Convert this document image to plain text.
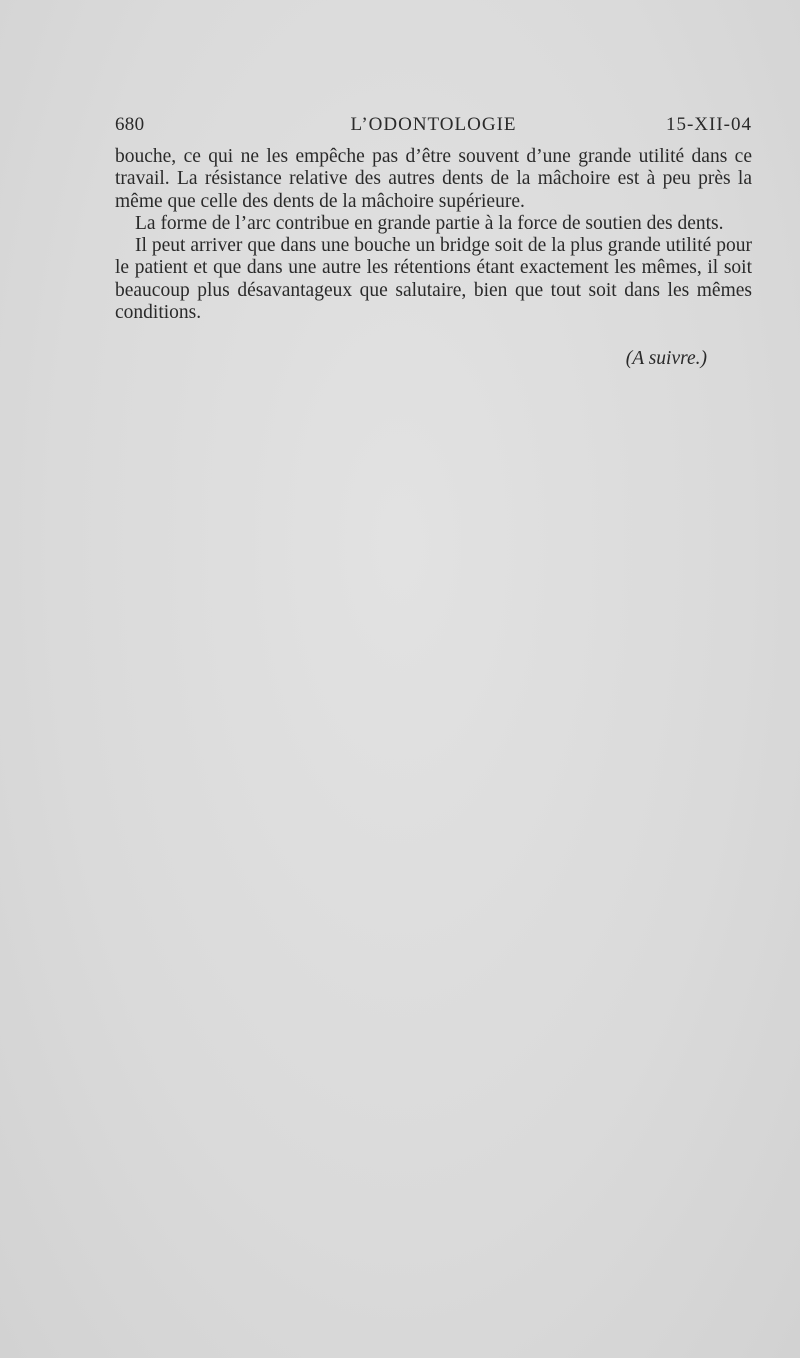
L’ODONTOLOGIE
680	15-XII-04

bouche, ce qui ne les empêche pas d’être souvent d’une grande utilité dans ce travail. La résistance relative des autres dents de la mâchoire est à peu près la même que celle des dents de la mâchoire supérieure.

La forme de l’arc contribue en grande partie à la force de soutien des dents.

Il peut arriver que dans une bouche un bridge soit de la plus grande utilité pour le patient et que dans une autre les rétentions étant exactement les mêmes, il soit beaucoup plus désavantageux que salutaire, bien que tout soit dans les mêmes conditions.

(A suivre.)
